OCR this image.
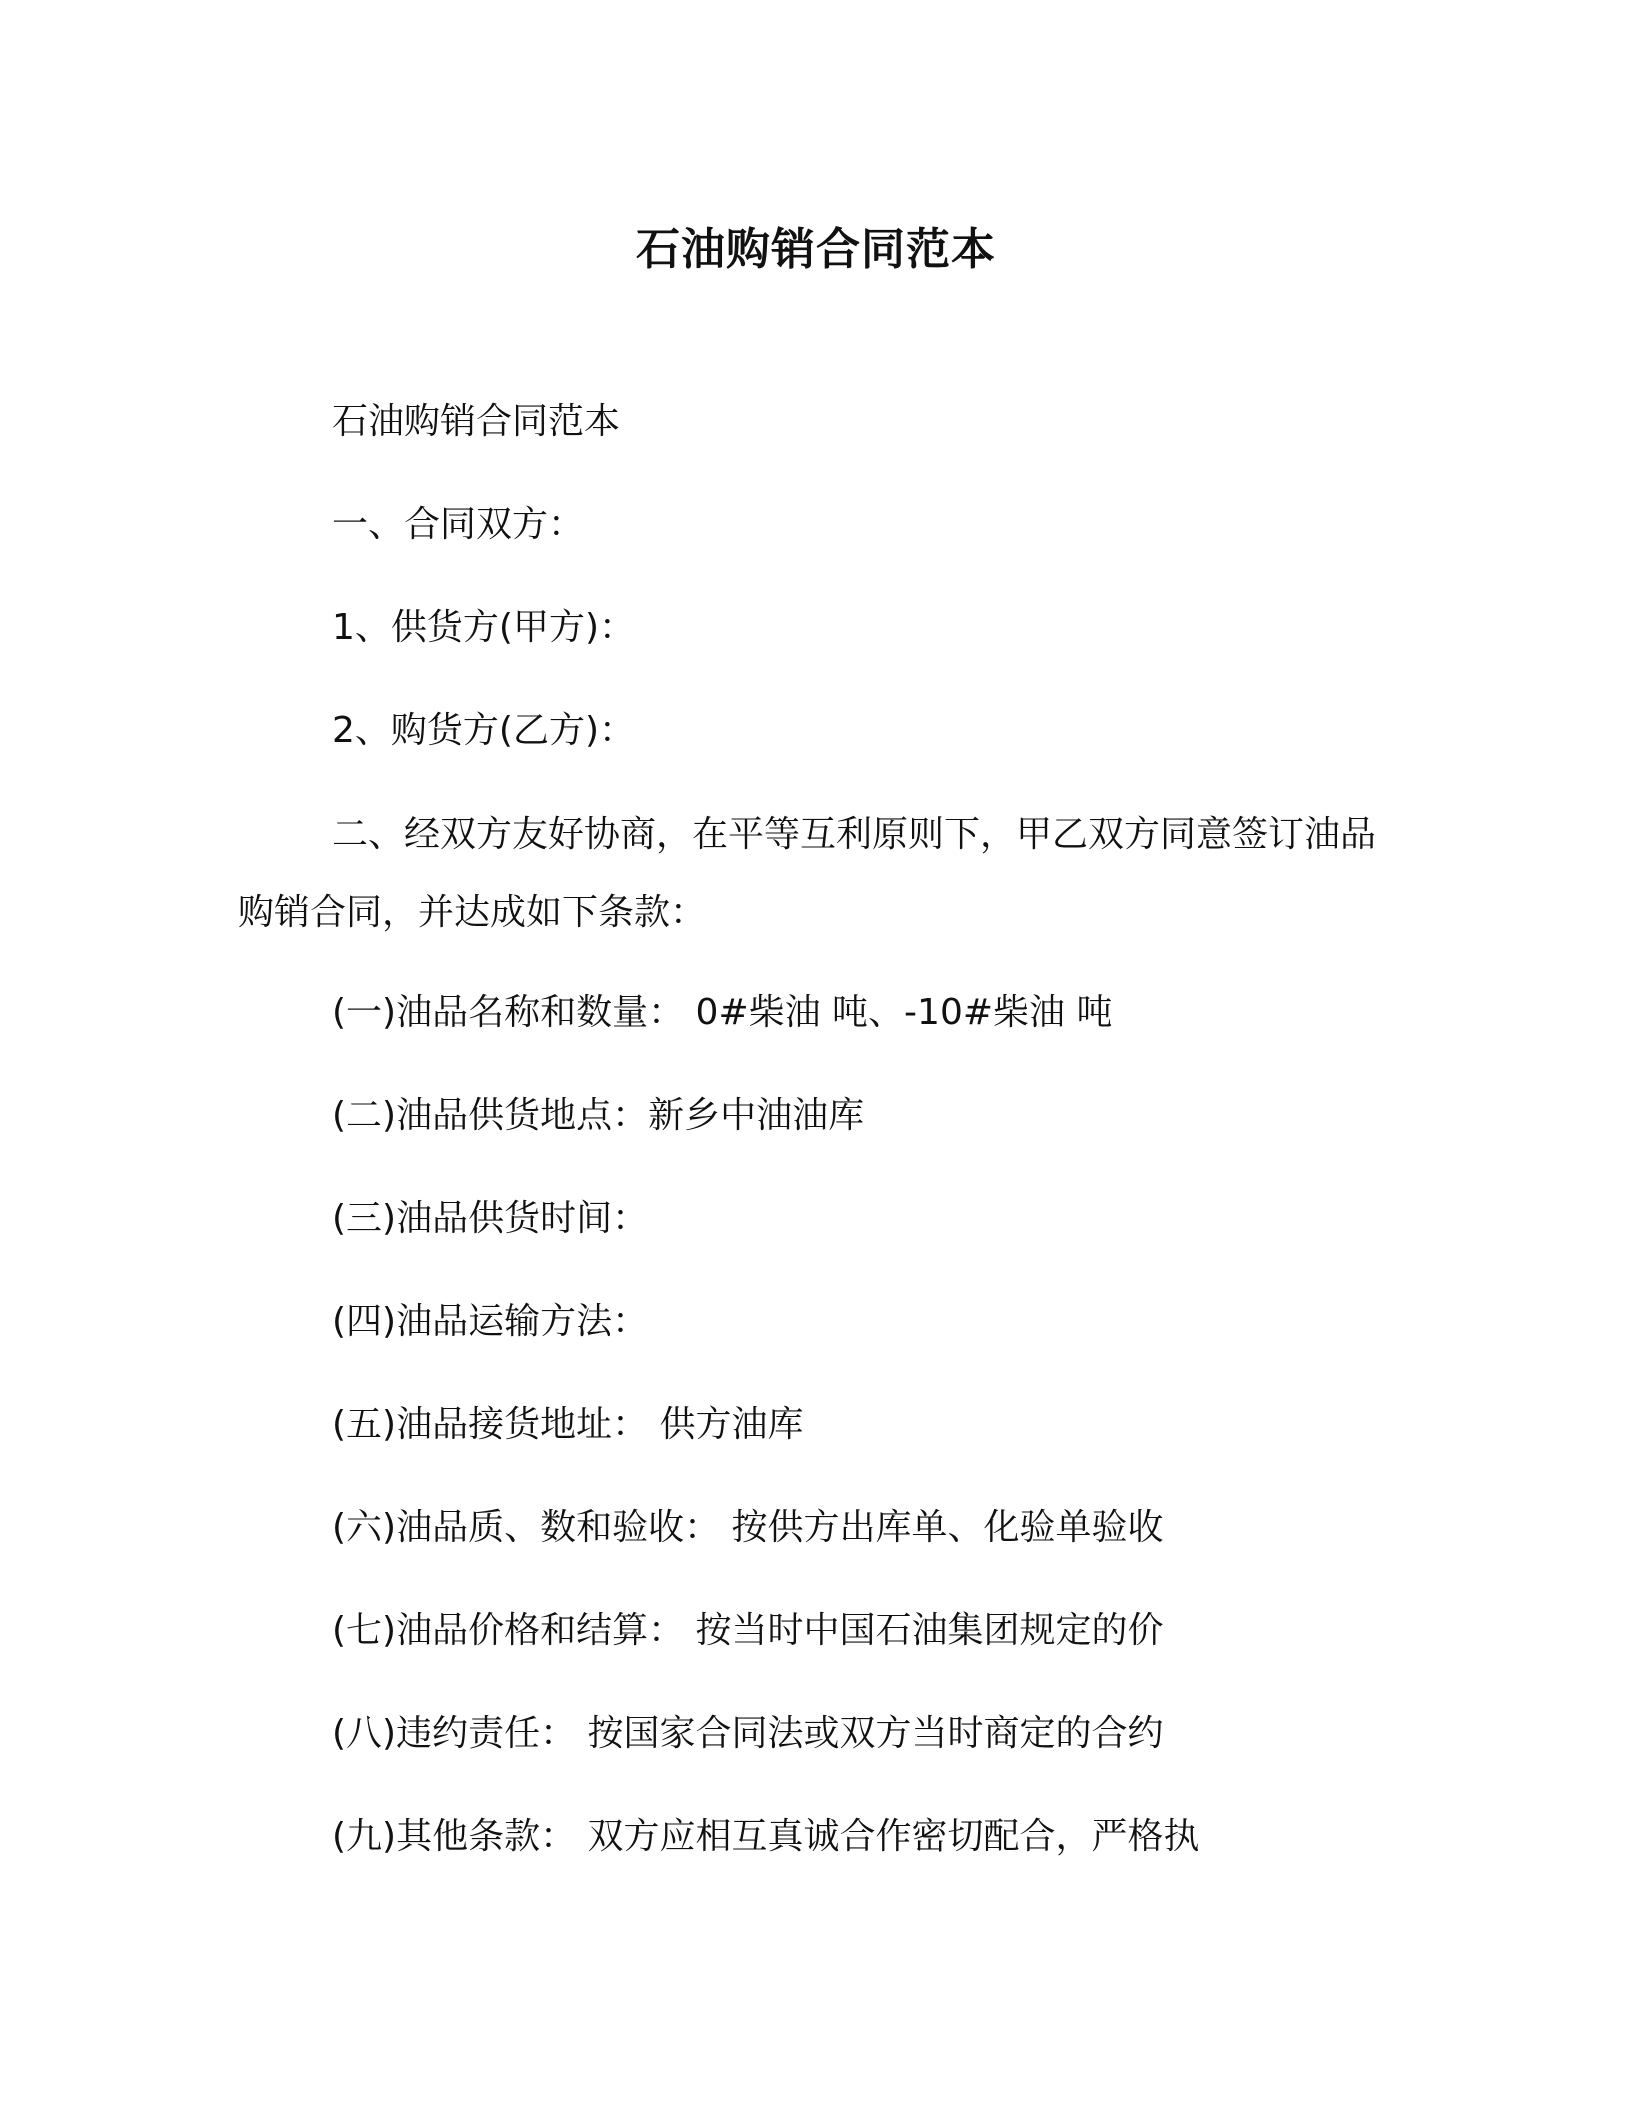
石油购销合同范本
石油购销合同范本
一、合同双方：
1、供货方(甲方)：
2、购货方(乙方)：
二、经双方友好协商，在平等互利原则下，甲乙双方同意签订油品购销合同，并达成如下条款：
(一)油品名称和数量： 0#柴油 吨、-10#柴油 吨
(二)油品供货地点：新乡中油油库
(三)油品供货时间：
(四)油品运输方法：
(五)油品接货地址： 供方油库
(六)油品质、数和验收： 按供方出库单、化验单验收
(七)油品价格和结算： 按当时中国石油集团规定的价
(八)违约责任： 按国家合同法或双方当时商定的合约
(九)其他条款： 双方应相互真诚合作密切配合，严格执
